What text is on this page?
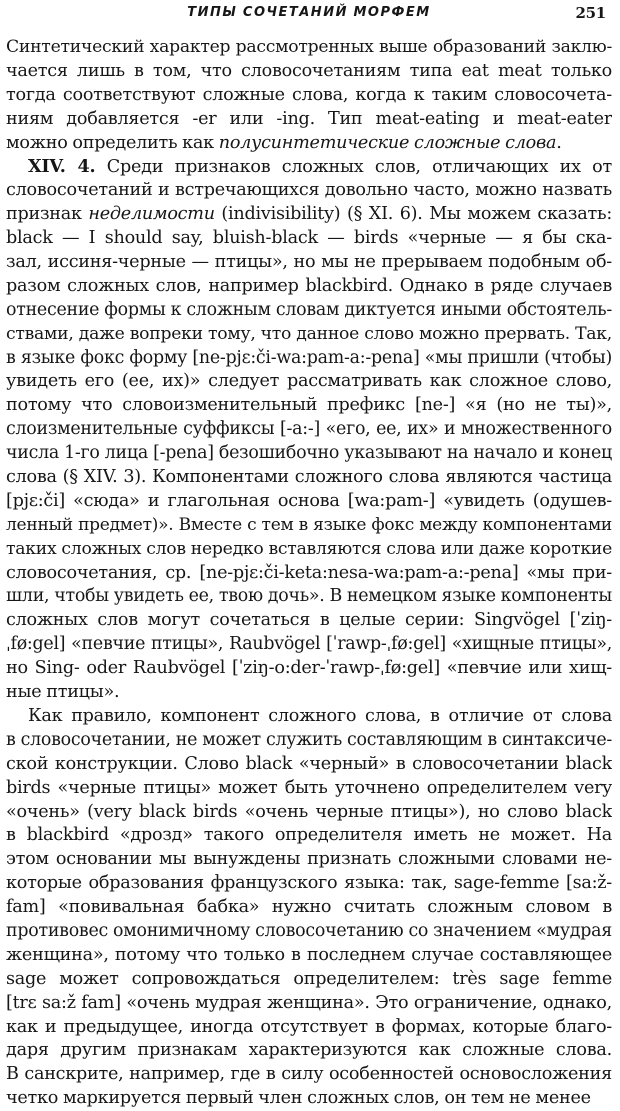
ТИПЫ СОЧЕТАНИЙ МОРФЕМ	251
Синтетический характер рассмотренных выше образований заклю-
чается лишь в том, что словосочетаниям типа eat meat только
тогда соответствуют сложные слова, когда к таким словосочета-
ниям добавляется -er или -ing. Тип meat-eating и meat-eater
можно определить как полусинтетические сложные слова.
XIV. 4. Среди признаков сложных слов, отличающих их от
словосочетаний и встречающихся довольно часто, можно назвать
признак неделимости (indivisibility) (§ XI. 6). Мы можем сказать:
black — I should say, bluish-black — birds «черные — я бы ска-
зал, иссиня-черные — птицы», но мы не прерываем подобным об-
разом сложных слов, например blackbird. Однако в ряде случаев
отнесение формы к сложным словам диктуется иными обстоятель-
ствами, даже вопреки тому, что данное слово можно прервать. Так,
в языке фокс форму [ne-pjɛ:či-wa:pam-a:-pena] «мы пришли (чтобы)
увидеть его (ее, их)» следует рассматривать как сложное слово,
потому что словоизменительный префикс [ne-] «я (но не ты)»,
слоизменительные суффиксы [-a:-] «его, ее, их» и множественного
числа 1-го лица [-pena] безошибочно указывают на начало и конец
слова (§ XIV. 3). Компонентами сложного слова являются частица
[pjɛ:či] «сюда» и глагольная основа [wa:pam-] «увидеть (одушев-
ленный предмет)». Вместе с тем в языке фокс между компонентами
таких сложных слов нередко вставляются слова или даже короткие
словосочетания, ср. [ne-pjɛ:či-keta:nesa-wa:pam-a:-pena] «мы при-
шли, чтобы увидеть ее, твою дочь». В немецком языке компоненты
сложных слов могут сочетаться в целые серии: Singvögel [ˈziŋ-
ˌfø:gel] «певчие птицы», Raubvögel [ˈrawp-ˌfø:gel] «хищные птицы»,
но Sing- oder Raubvögel [ˈziŋ-o:der-ˈrawp-ˌfø:gel] «певчие или хищ-
ные птицы».
Как правило, компонент сложного слова, в отличие от слова
в словосочетании, не может служить составляющим в синтаксиче-
ской конструкции. Слово black «черный» в словосочетании black
birds «черные птицы» может быть уточнено определителем very
«очень» (very black birds «очень черные птицы»), но слово black
в blackbird «дрозд» такого определителя иметь не может. На
этом основании мы вынуждены признать сложными словами не-
которые образования французского языка: так, sage-femme [sa:ž-
fam] «повивальная бабка» нужно считать сложным словом в
противовес омонимичному словосочетанию со значением «мудрая
женщина», потому что только в последнем случае составляющее
sage может сопровождаться определителем: très sage femme
[trɛ sa:ž fam] «очень мудрая женщина». Это ограничение, однако,
как и предыдущее, иногда отсутствует в формах, которые благо-
даря другим признакам характеризуются как сложные слова.
В санскрите, например, где в силу особенностей основосложения
четко маркируется первый член сложных слов, он тем не менее
